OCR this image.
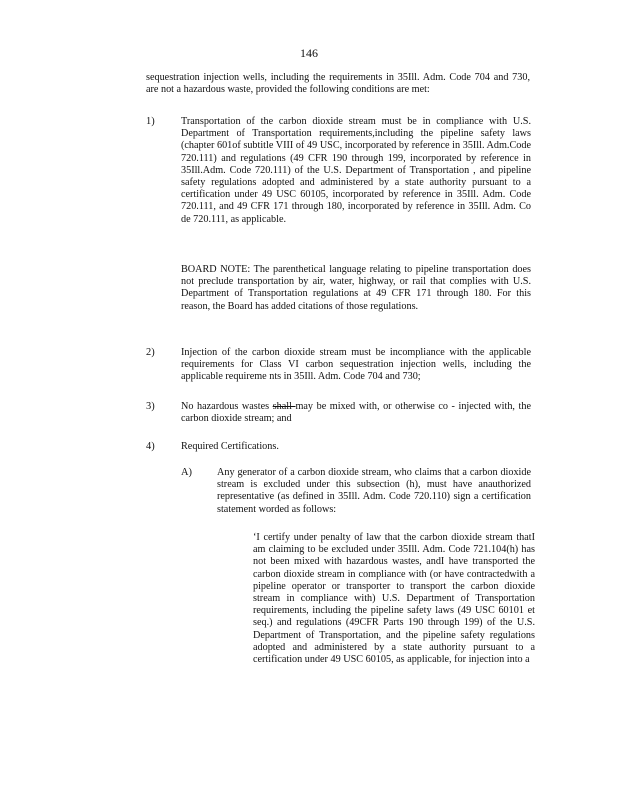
146
sequestration injection wells, including the requirements in 35Ill. Adm. Code 704 and 730, are not a hazardous waste, provided the following conditions are met:
1)	Transportation of the carbon dioxide stream must be in compliance with U.S. Department of Transportation requirements,including the pipeline safety laws (chapter 601of subtitle VIII of 49 USC, incorporated by reference in 35Ill. Adm.Code 720.111) and regulations (49 CFR 190 through 199, incorporated by reference in 35Ill.Adm. Code 720.111) of the U.S. Department of Transportation , and pipeline safety regulations adopted and administered by a state authority pursuant to a certification under 49 USC 60105, incorporated by reference in 35Ill. Adm. Code 720.111, and 49 CFR 171 through 180, incorporated by reference in 35Ill. Adm. Co de 720.111, as applicable.
BOARD NOTE: The parenthetical language relating to pipeline transportation does not preclude transportation by air, water, highway, or rail that complies with U.S. Department of Transportation regulations at 49 CFR 171 through 180. For this reason, the Board has added citations of those regulations.
2)	Injection of the carbon dioxide stream must be incompliance with the applicable requirements for Class VI carbon sequestration injection wells, including the applicable requireme nts in 35Ill. Adm. Code 704 and 730;
3)	No hazardous wastes shall may be mixed with, or otherwise co - injected with, the carbon dioxide stream; and
4)	Required Certifications.
A) Any generator of a carbon dioxide stream, who claims that a carbon dioxide stream is excluded under this subsection (h), must have anauthorized representative (as defined in 35Ill. Adm. Code 720.110) sign a certification statement worded as follows:
‘I certify under penalty of law that the carbon dioxide stream thatI am claiming to be excluded under 35Ill. Adm. Code 721.104(h) has not been mixed with hazardous wastes, andI have transported the carbon dioxide stream in compliance with (or have contractedwith a pipeline operator or transporter to transport the carbon dioxide stream in compliance with) U.S. Department of Transportation requirements, including the pipeline safety laws (49 USC 60101 et seq.) and regulations (49CFR Parts 190 through 199) of the U.S. Department of Transportation, and the pipeline safety regulations adopted and administered by a state authority pursuant to a certification under 49 USC 60105, as applicable, for injection into a
